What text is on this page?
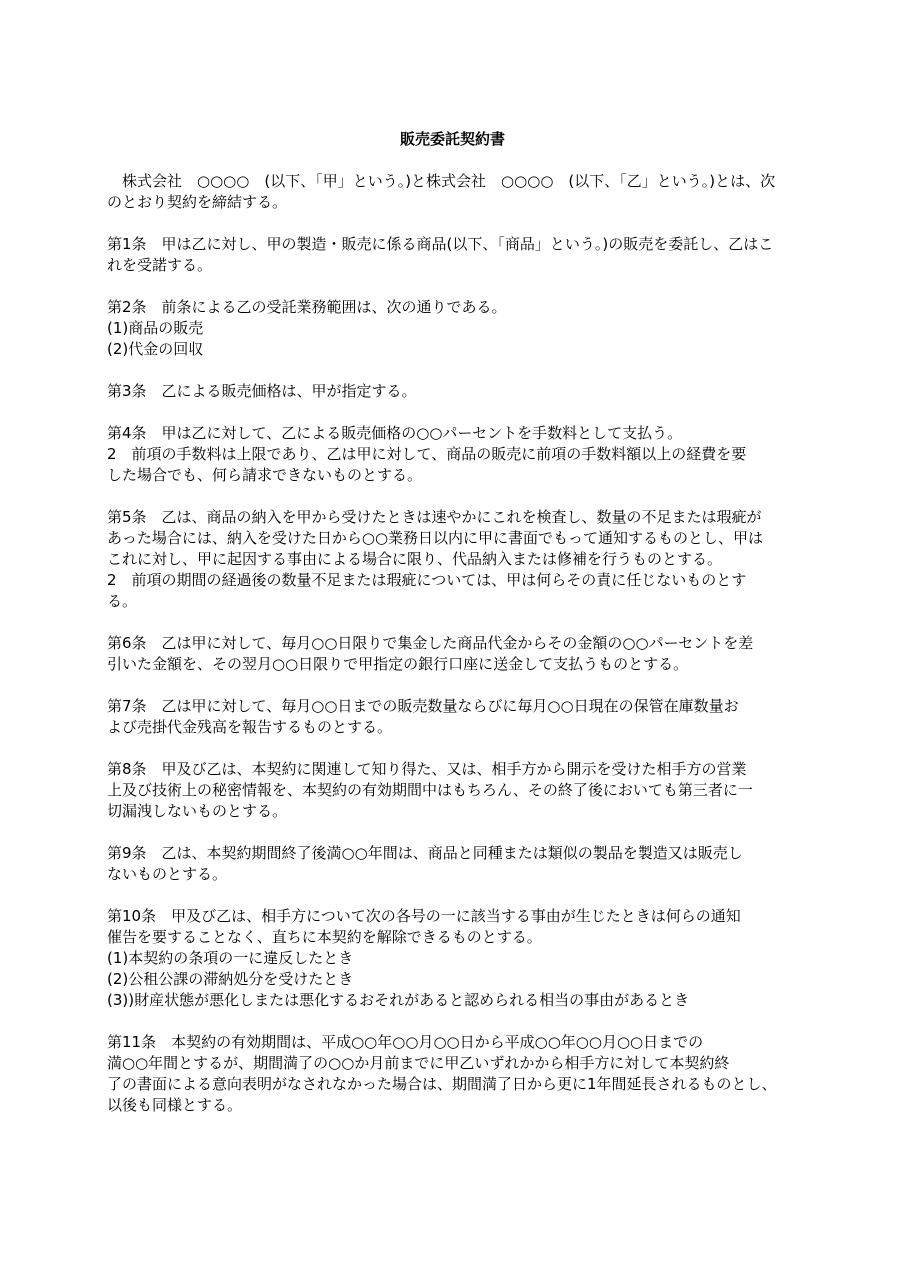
販売委託契約書
　株式会社　○○○○　(以下、「甲」という。)と株式会社　○○○○　(以下、「乙」という。)とは、次
のとおり契約を締結する。
第1条　甲は乙に対し、甲の製造・販売に係る商品(以下、「商品」という。)の販売を委託し、乙はこ
れを受諾する。
第2条　前条による乙の受託業務範囲は、次の通りである。
(1)商品の販売
(2)代金の回収
第3条　乙による販売価格は、甲が指定する。
第4条　甲は乙に対して、乙による販売価格の○○パーセントを手数料として支払う。
2　前項の手数料は上限であり、乙は甲に対して、商品の販売に前項の手数料額以上の経費を要
した場合でも、何ら請求できないものとする。
第5条　乙は、商品の納入を甲から受けたときは速やかにこれを検査し、数量の不足または瑕疵が
あった場合には、納入を受けた日から○○業務日以内に甲に書面でもって通知するものとし、甲は
これに対し、甲に起因する事由による場合に限り、代品納入または修補を行うものとする。
2　前項の期間の経過後の数量不足または瑕疵については、甲は何らその責に任じないものとす
る。
第6条　乙は甲に対して、毎月○○日限りで集金した商品代金からその金額の○○パーセントを差
引いた金額を、その翌月○○日限りで甲指定の銀行口座に送金して支払うものとする。
第7条　乙は甲に対して、毎月○○日までの販売数量ならびに毎月○○日現在の保管在庫数量お
よび売掛代金残高を報告するものとする。
第8条　甲及び乙は、本契約に関連して知り得た、又は、相手方から開示を受けた相手方の営業
上及び技術上の秘密情報を、本契約の有効期間中はもちろん、その終了後においても第三者に一
切漏洩しないものとする。
第9条　乙は、本契約期間終了後満○○年間は、商品と同種または類似の製品を製造又は販売し
ないものとする。
第10条　甲及び乙は、相手方について次の各号の一に該当する事由が生じたときは何らの通知
催告を要することなく、直ちに本契約を解除できるものとする。
(1)本契約の条項の一に違反したとき
(2)公租公課の滞納処分を受けたとき
(3))財産状態が悪化しまたは悪化するおそれがあると認められる相当の事由があるとき
第11条　本契約の有効期間は、平成○○年○○月○○日から平成○○年○○月○○日までの
満○○年間とするが、期間満了の○○か月前までに甲乙いずれかから相手方に対して本契約終
了の書面による意向表明がなされなかった場合は、期間満了日から更に1年間延長されるものとし、
以後も同様とする。
